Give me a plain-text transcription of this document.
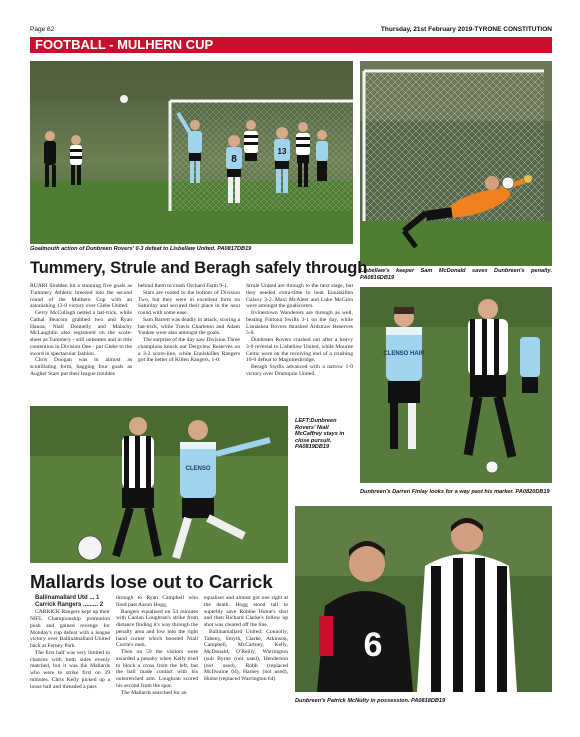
Page 62	Thursday, 21st February 2019-TYRONE CONSTITUTION
FOOTBALL - MULHERN CUP
8
13
Goalmouth action of Dunbreen Rovers' 0-3 defeat to Lisbellaw United. PA0817DB19
Lisbellaw's keeper Sam McDonald saves Dunbreen's penalty. PA0816DB19
Tummery, Strule and Beragh safely through

RUARI Sludden hit a stunning five goals as Tummery Athletic breezed into the second round of the Mulhern Cup with an astonishing 13-0 victory over Glebe United.

Gerry McCullagh netted a hat-trick, while Cathal Beacom grabbed two and Ryan Hanna, Niall Donnelly and Malachy McLaughlin also registered on the score-sheet as Tummery - still unbeaten and in title contention in Division One - put Glebe to the sword in spectacular fashion.

Chris Doogan was in almost as scintillating form, bagging four goals as Augher Stars put their league troubles

behind them to crush Orchard Farm 9-1.

Stars are rooted to the bottom of Division Two, but they were in excellent form on Saturday and secured their place in the next round with some ease.

Sam Barrett was deadly in attack, scoring a hat-trick, while Travis Charleton and Adam Yankee were also amongst the goals.

The surprise of the day saw Division Three champions knock out Dergview Reserves on a 3-2 score-line, while Enniskillen Rangers got the better of Killen Rangers, 1-0.

Strule United are through to the next stage, but they needed extra-time to beat Enniskillen Galaxy 3-2. Maxi McAleer and Luke McGinn were amongst the goalscorers.

Irvinestown Wanderers are through as well, beating Fintona Swifts 3-1 on the day, while Lisnaskea Rovers thrashed Ardstraw Reserves 5-0.

Dunbreen Rovers crashed out after a heavy 3-0 reversal to Lisbellaw United, while Mourne Celtic were on the receiving end of a crushing 10-0 defeat to Maguiresbridge.

Beragh Swifts advanced with a narrow 1-0 victory over Drumquin United.

CLENSO HAIR
Dunbreen's Darren Finlay looks for a way past his marker. PA0820DB19
CLENSO
LEFT:Dunbreen Rovers' Niall McCaffrey stays in close pursuit. PA0819DB19
6
Dunbreen's Patrick McNulty in possession. PA0818DB19
Mallards lose out to Carrick

Ballinamallard Utd ... 1

Carrick Rangers ......... 2

CARRICK Rangers kept up their NIFL Championship promotion push and gained revenge for Monday's cup defeat with a league victory over Ballinamallard United back at Ferney Park.

The first half was very limited in chances with both sides evenly matched, but it was the Mallards who were to strike first on 39 minutes. Chris Kelly picked up a loose ball and threaded a pass

through to Ryan Campbell who fired past Aaron Hogg.

Rangers equalised on 54 minutes with Caolan Loughran's strike from distance finding it's way through the penalty area and low into the right hand corner which boosted Niall Currie's men.

Then on 59 the visitors were awarded a penalty when Kelly tried to block a cross from the left, but the ball made contact with his outstretched arm. Loughran scored his second from the spot.

The Mallards searched for an

equaliser and almost got one right at the death. Hogg stood tall to superbly save Robbie Hume's shot and then Richard Clarke's follow up shot was cleared off the line.

Ballinamallard United: Connolly, Taheny, Smyth, Clarke, Atkinson, Campbell, McCartney, Kelly, McDonald, O'Reilly, Warrington (sub Byrne (not used), Henderson (not used), Robb (replaced McIlwaine 64), Harney (not used), Hume (replaced Warrington 64)
